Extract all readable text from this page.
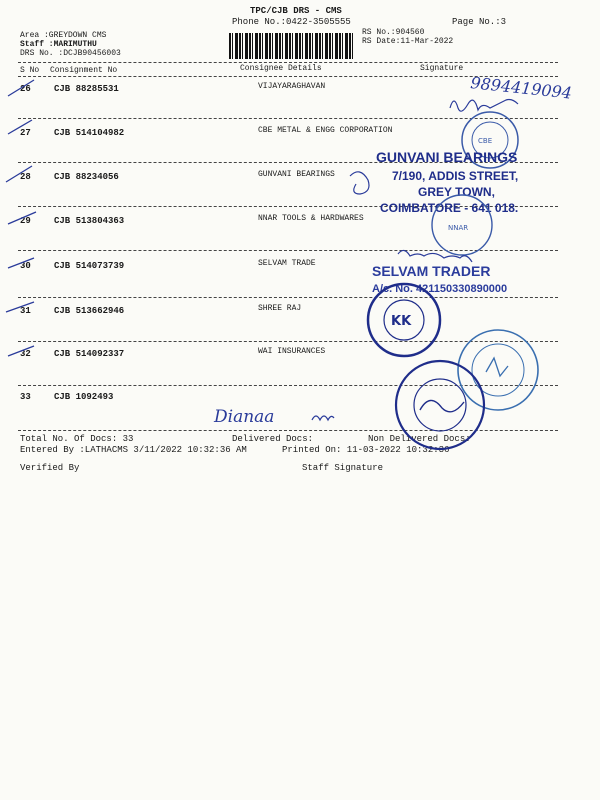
TPC/CJB DRS - CMS
Phone No.:0422-3505555	Page No.:3
Area :GREYDOWN CMS
Staff :MARIMUTHU
DRS No. :DCJB90456003
RS No.:904560
RS Date:11-Mar-2022
S No Consignment No	Consignee Details	Signature
26	CJB 88285531	VIJAYARAGHAVAN
27	CJB 514104982	CBE METAL & ENGG CORPORATION
28	CJB 88234056	GUNVANI BEARINGS
29	CJB 513804363	NNAR TOOLS & HARDWARES
30	CJB 514073739	SELVAM TRADE
31	CJB 513662946	SHREE RAJ
32	CJB 514092337	WAI INSURANCES
33	CJB 1092493
Total No. Of Docs: 33	Delivered Docs:	Non Delivered Docs:
Entered By :LATHACMS 3/11/2022 10:32:36 AM	Printed On: 11-03-2022 10:32:36
Verified By	Staff Signature
9894419094
CBE
GUNVANI BEARINGS
7/190, ADDIS STREET,
GREY TOWN,
COIMBATORE - 641 018.
NNAR
SELVAM TRADER
A/c. No. 421150330890000
KK
Dianaa
